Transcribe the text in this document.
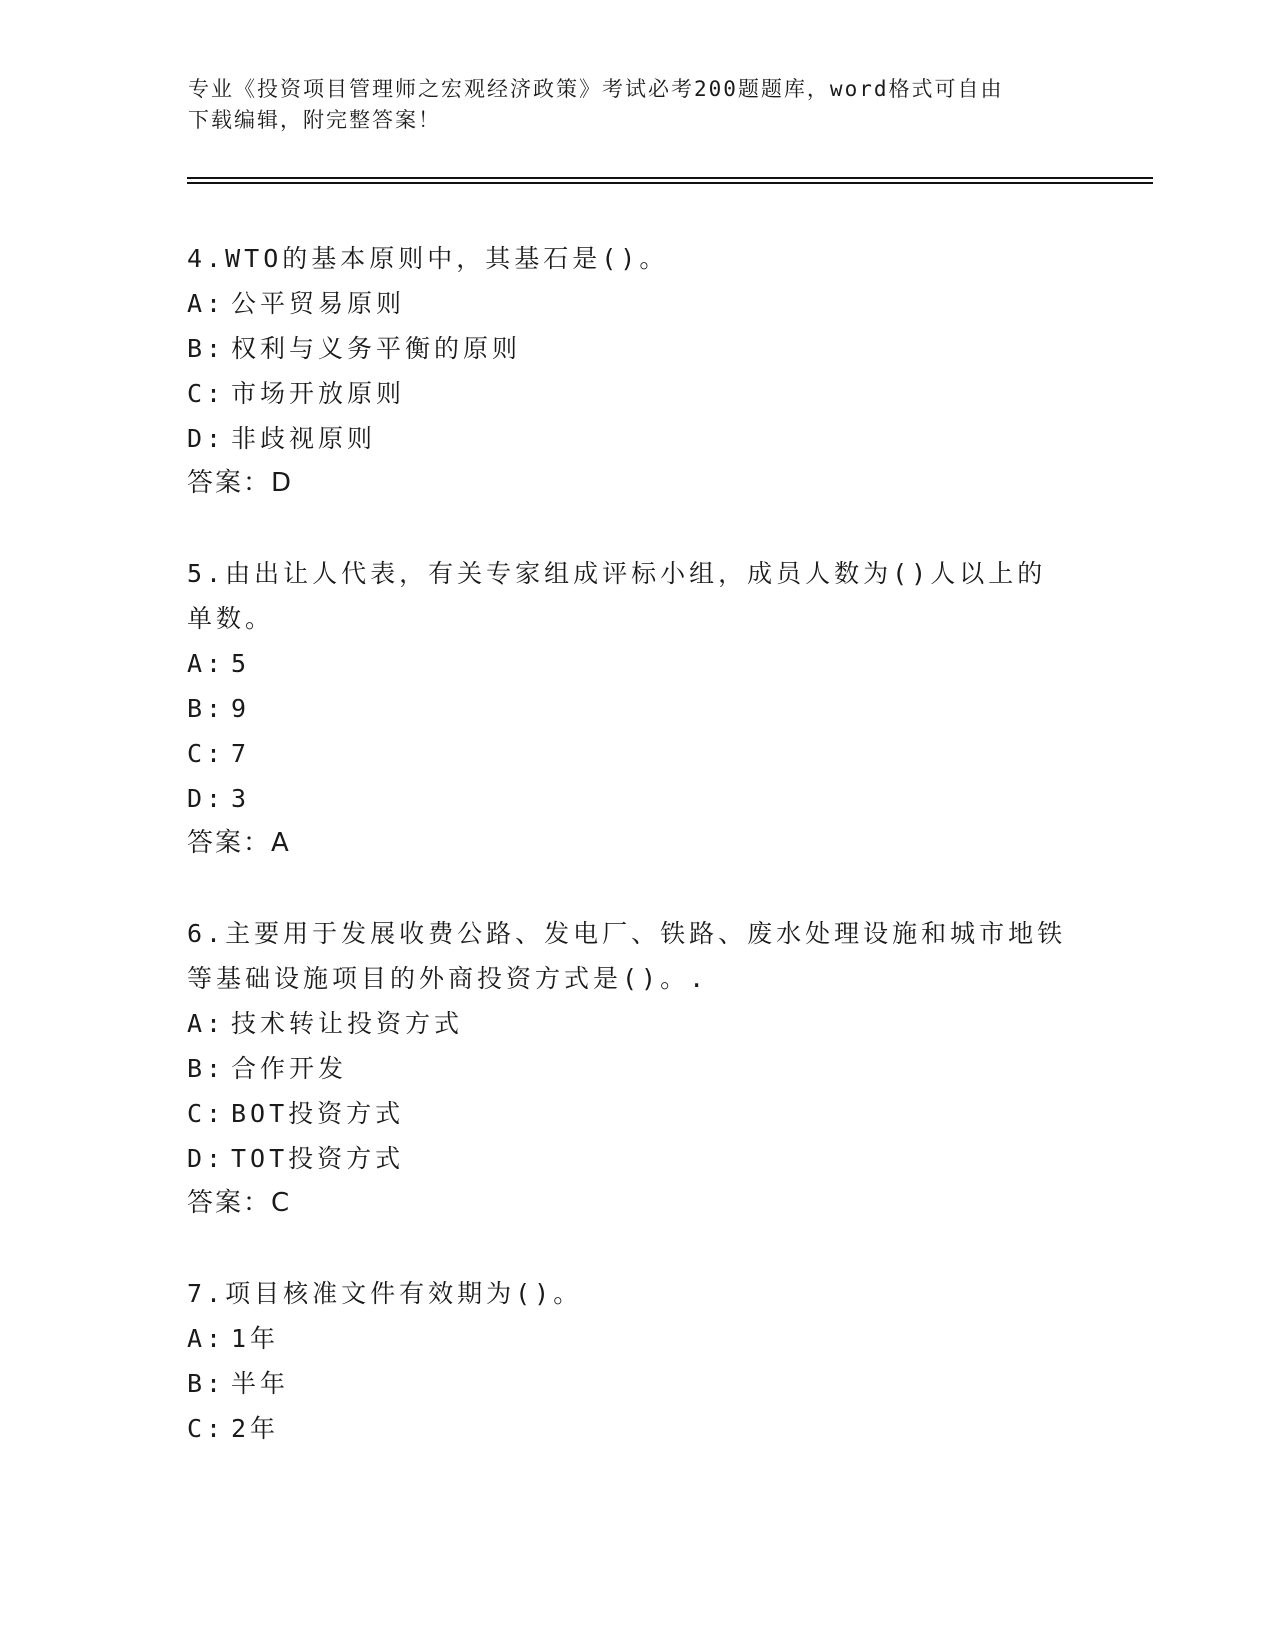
专业《投资项目管理师之宏观经济政策》考试必考200题题库，word格式可自由
下载编辑，附完整答案！
4.WTO的基本原则中，其基石是()。
A: 公平贸易原则
B: 权利与义务平衡的原则
C: 市场开放原则
D: 非歧视原则
答案：D
5.由出让人代表，有关专家组成评标小组，成员人数为()人以上的单数。
A: 5
B: 9
C: 7
D: 3
答案：A
6.主要用于发展收费公路、发电厂、铁路、废水处理设施和城市地铁等基础设施项目的外商投资方式是()。.
A: 技术转让投资方式
B: 合作开发
C: BOT投资方式
D: TOT投资方式
答案：C
7.项目核准文件有效期为()。
A: 1年
B: 半年
C: 2年
